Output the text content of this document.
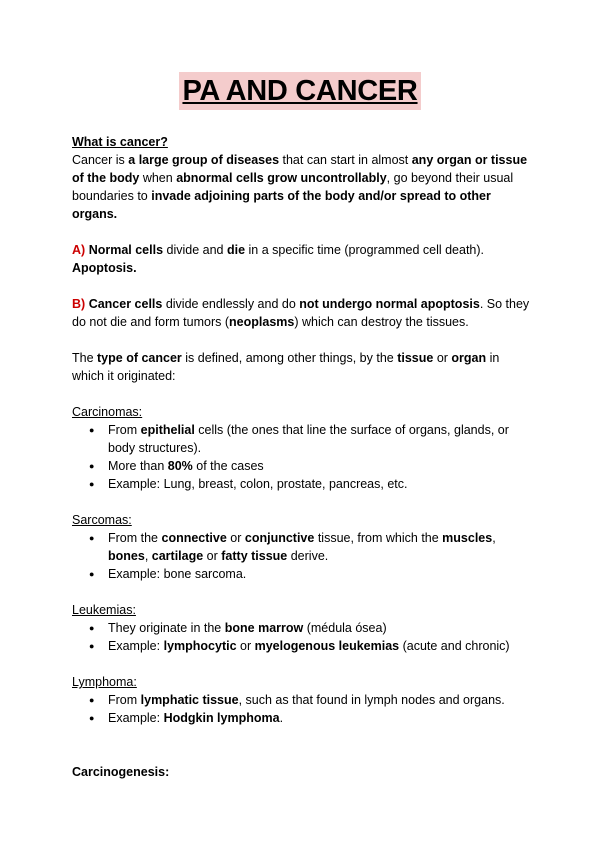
PA AND CANCER

What is cancer?

Cancer is a large group of diseases that can start in almost any organ or tissue of the body when abnormal cells grow uncontrollably, go beyond their usual boundaries to invade adjoining parts of the body and/or spread to other organs.

A) Normal cells divide and die in a specific time (programmed cell death). Apoptosis.

B) Cancer cells divide endlessly and do not undergo normal apoptosis. So they do not die and form tumors (neoplasms) which can destroy the tissues.

The type of cancer is defined, among other things, by the tissue or organ in which it originated:

Carcinomas:

● From epithelial cells (the ones that line the surface of organs, glands, or body structures).
● More than 80% of the cases
● Example: Lung, breast, colon, prostate, pancreas, etc.

Sarcomas:

● From the connective or conjunctive tissue, from which the muscles, bones, cartilage or fatty tissue derive.
● Example: bone sarcoma.

Leukemias:

● They originate in the bone marrow (médula ósea)
● Example: lymphocytic or myelogenous leukemias (acute and chronic)

Lymphoma:

● From lymphatic tissue, such as that found in lymph nodes and organs.
● Example: Hodgkin lymphoma.

Carcinogenesis:
